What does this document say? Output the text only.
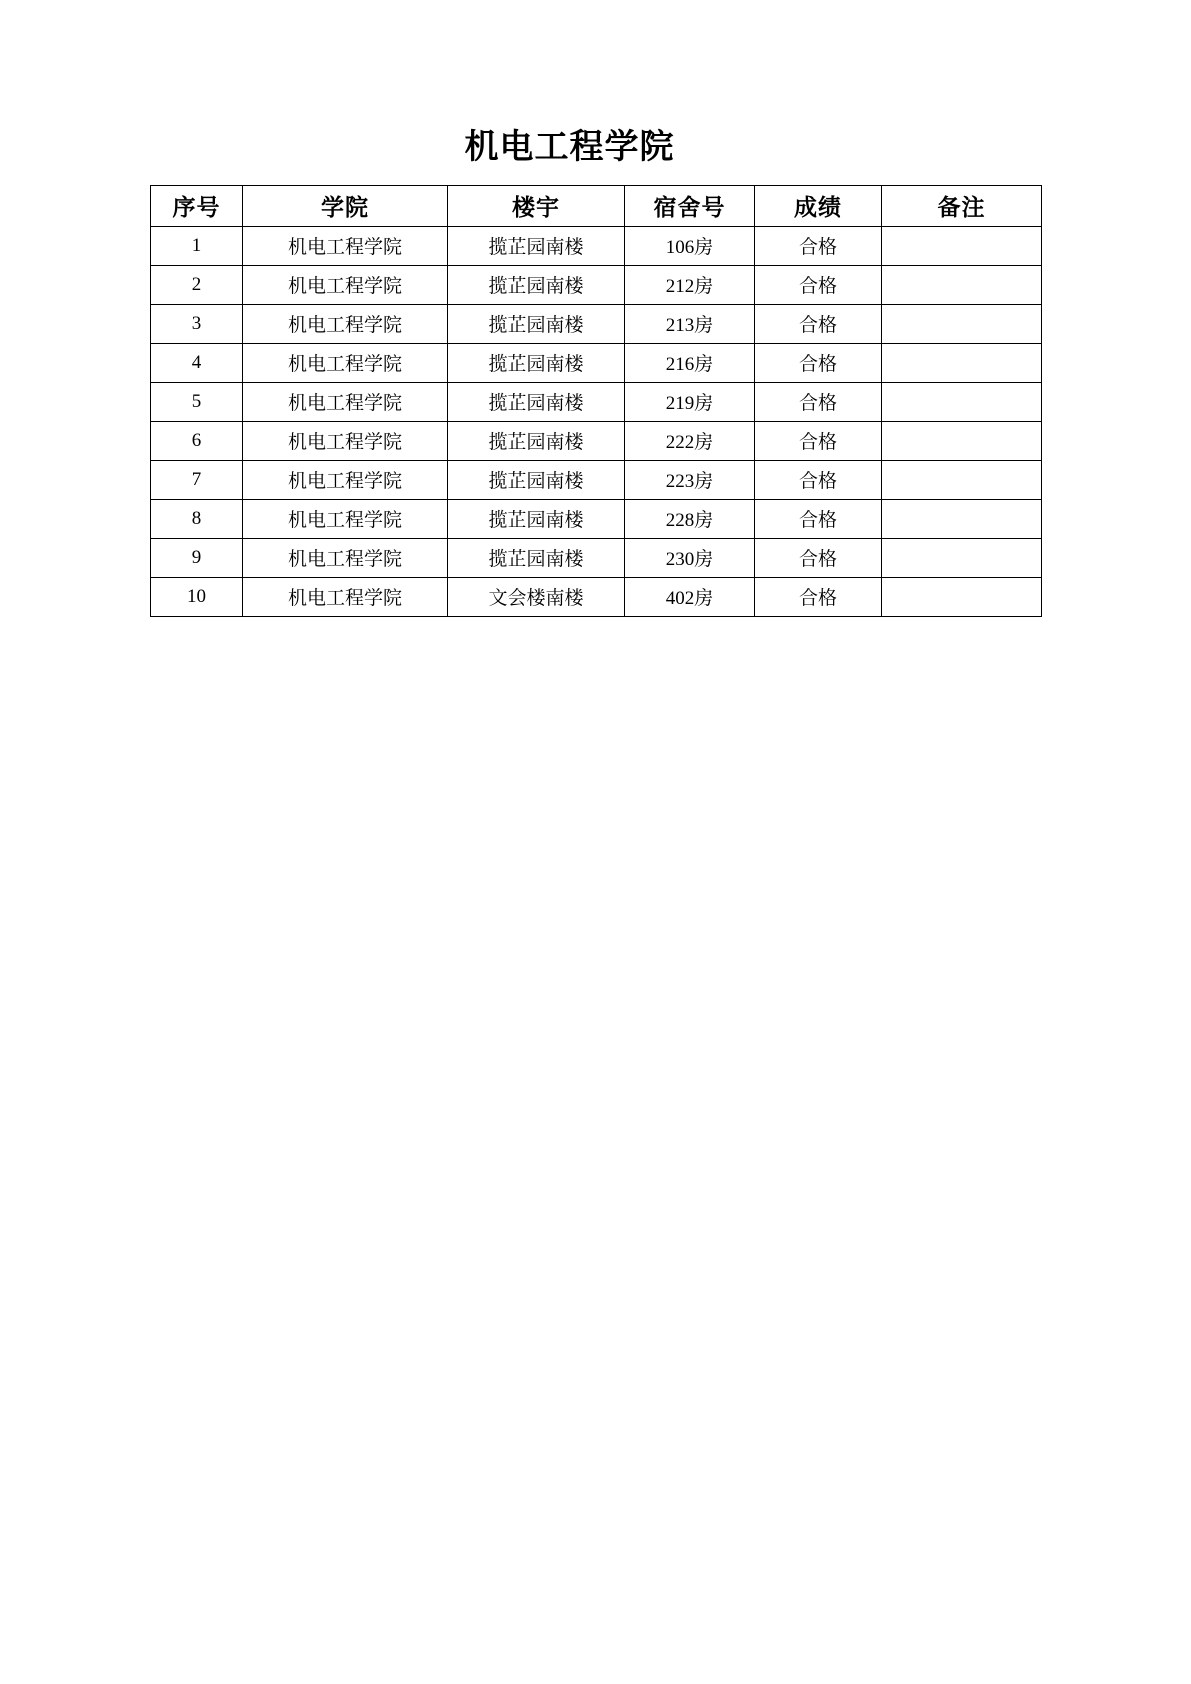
机电工程学院
序号	学院	楼宇	宿舍号	成绩	备注
1	机电工程学院	揽芷园南楼	106房	合格	
2	机电工程学院	揽芷园南楼	212房	合格	
3	机电工程学院	揽芷园南楼	213房	合格	
4	机电工程学院	揽芷园南楼	216房	合格	
5	机电工程学院	揽芷园南楼	219房	合格	
6	机电工程学院	揽芷园南楼	222房	合格	
7	机电工程学院	揽芷园南楼	223房	合格	
8	机电工程学院	揽芷园南楼	228房	合格	
9	机电工程学院	揽芷园南楼	230房	合格	
10	机电工程学院	文会楼南楼	402房	合格	
